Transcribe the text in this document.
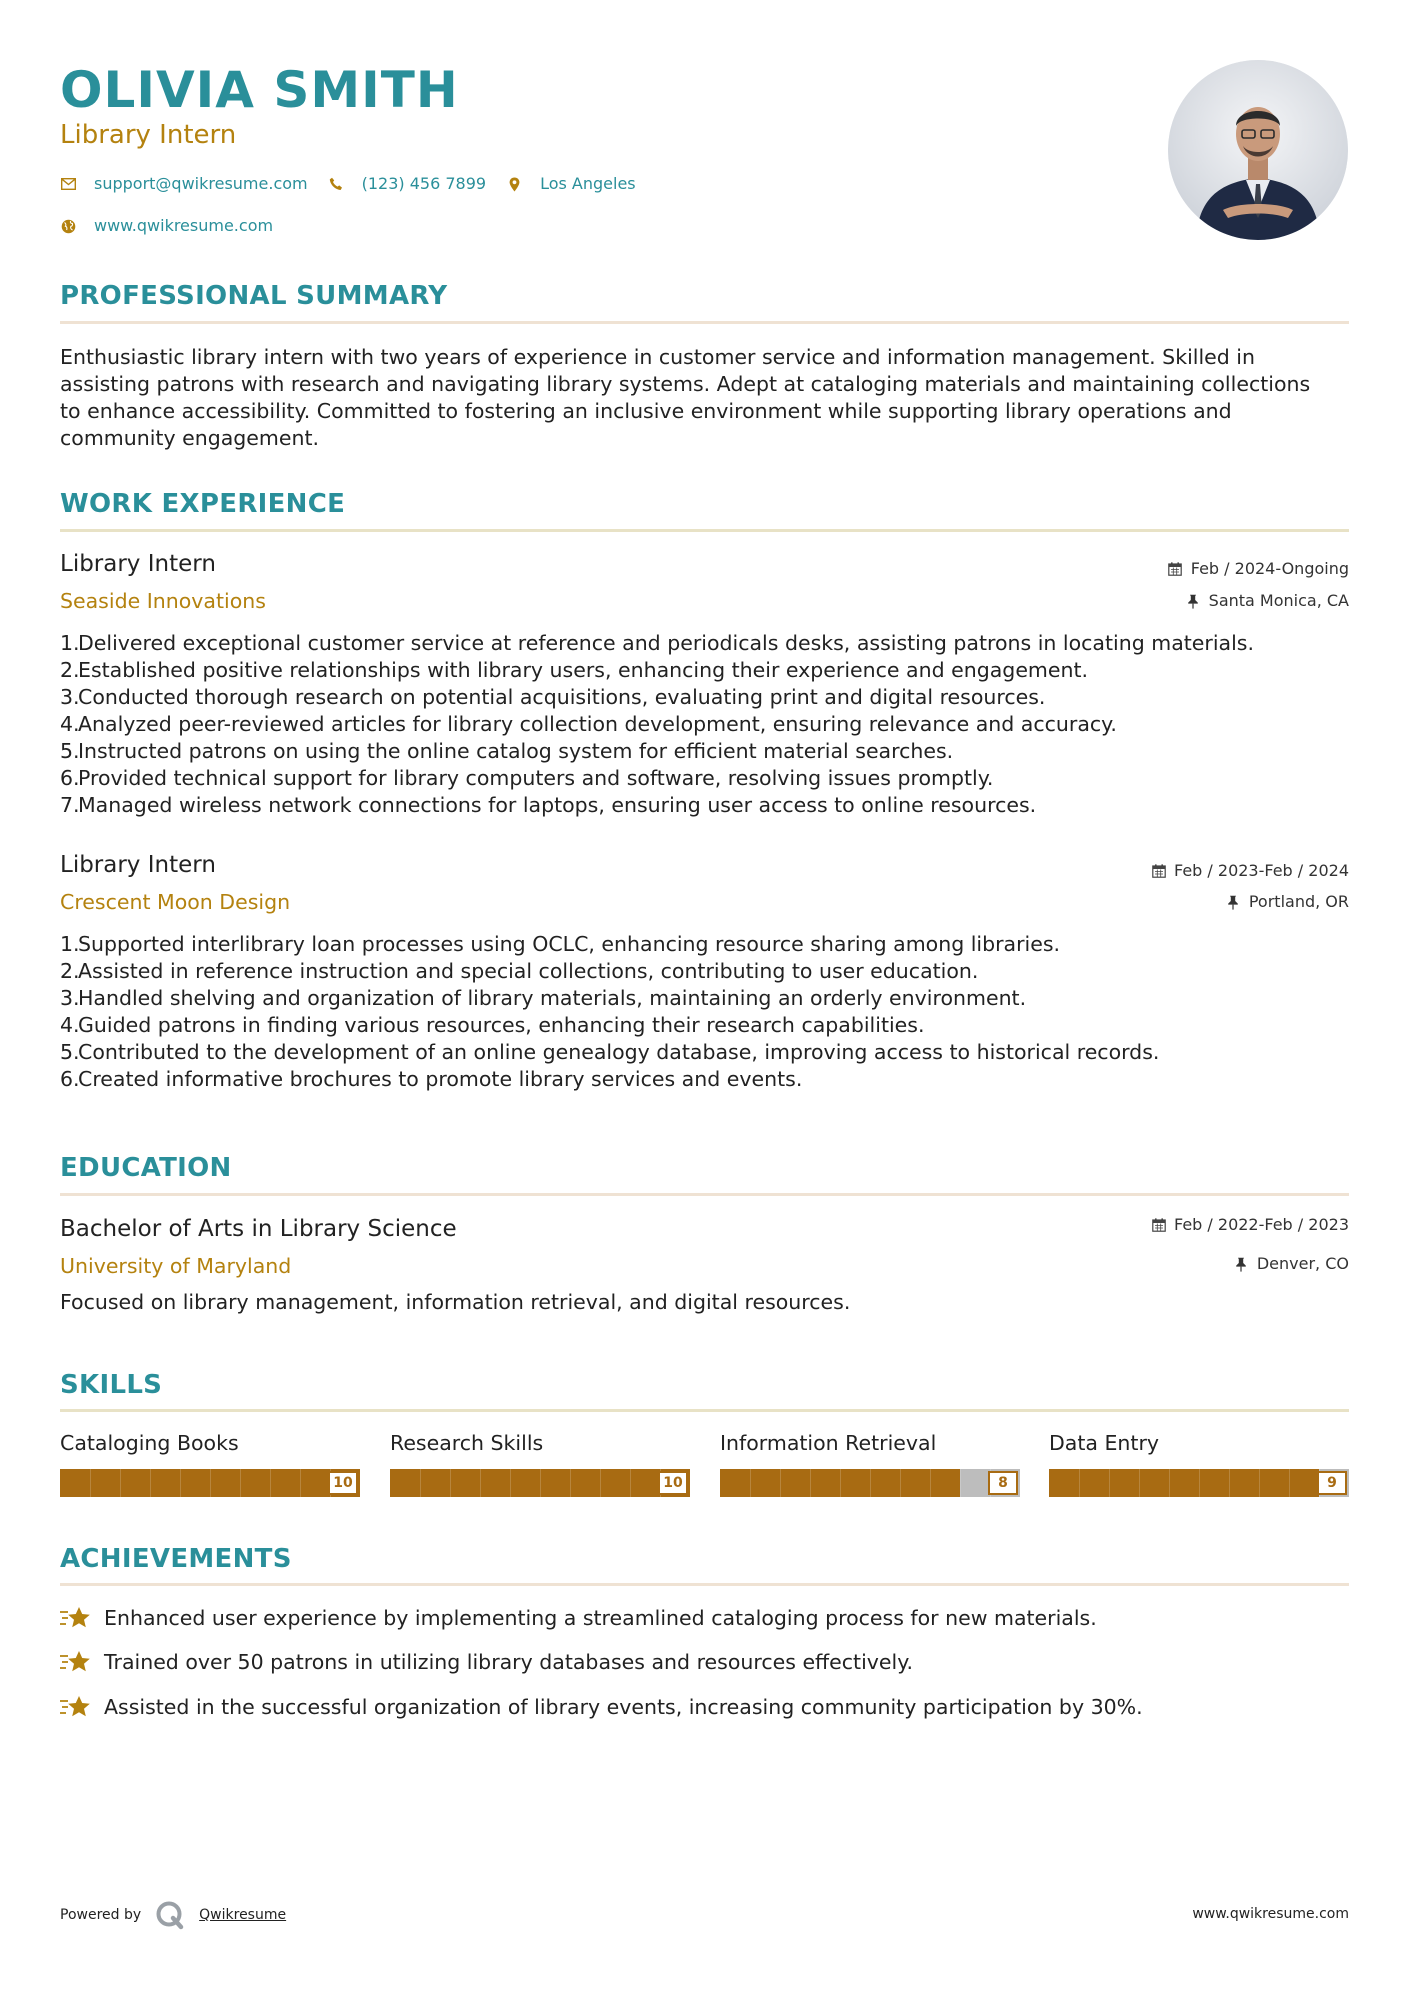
OLIVIA SMITH
Library Intern
support@qwikresume.com	(123) 456 7899	Los Angeles
www.qwikresume.com
PROFESSIONAL SUMMARY
Enthusiastic library intern with two years of experience in customer service and information management. Skilled in
assisting patrons with research and navigating library systems. Adept at cataloging materials and maintaining collections
to enhance accessibility. Committed to fostering an inclusive environment while supporting library operations and
community engagement.
WORK EXPERIENCE
Library Intern	Feb / 2024-Ongoing
Seaside Innovations	Santa Monica, CA
1.
Delivered exceptional customer service at reference and periodicals desks, assisting patrons in locating materials.
2.
Established positive relationships with library users, enhancing their experience and engagement.
3.
Conducted thorough research on potential acquisitions, evaluating print and digital resources.
4.
Analyzed peer-reviewed articles for library collection development, ensuring relevance and accuracy.
5.
Instructed patrons on using the online catalog system for efficient material searches.
6.
Provided technical support for library computers and software, resolving issues promptly.
7.
Managed wireless network connections for laptops, ensuring user access to online resources.
Library Intern	Feb / 2023-Feb / 2024
Crescent Moon Design	Portland, OR
1.
Supported interlibrary loan processes using OCLC, enhancing resource sharing among libraries.
2.
Assisted in reference instruction and special collections, contributing to user education.
3.
Handled shelving and organization of library materials, maintaining an orderly environment.
4.
Guided patrons in finding various resources, enhancing their research capabilities.
5.
Contributed to the development of an online genealogy database, improving access to historical records.
6.
Created informative brochures to promote library services and events.
EDUCATION
Bachelor of Arts in Library Science	Feb / 2022-Feb / 2023
University of Maryland	Denver, CO
Focused on library management, information retrieval, and digital resources.
SKILLS
Cataloging Books
10
Research Skills
10
Information Retrieval
8
Data Entry
9
ACHIEVEMENTS
Enhanced user experience by implementing a streamlined cataloging process for new materials.
Trained over 50 patrons in utilizing library databases and resources effectively.
Assisted in the successful organization of library events, increasing community participation by 30%.
Powered by	Qwikresume	www.qwikresume.com
